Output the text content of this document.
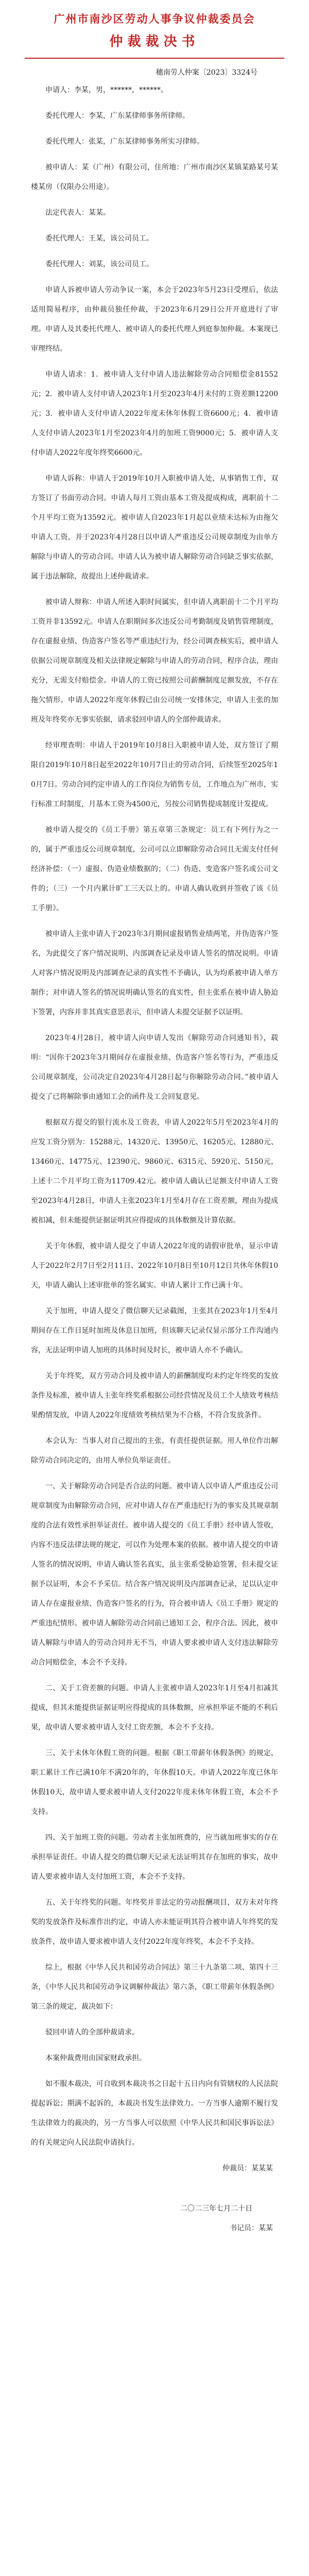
广州市南沙区劳动人事争议仲裁委员会
仲裁裁决书
穗南劳人仲案〔2023〕3324号

申请人：李某，男，******，******。

委托代理人：李某，广东某律师事务所律师。

委托代理人：张某，广东某律师事务所实习律师。

被申请人：某（广州）有限公司，住所地：广州市南沙区某镇某路某号某楼某房（仅限办公用途）。

法定代表人：某某。

委托代理人：王某，该公司员工。

委托代理人：刘某，该公司员工。

申请人诉被申请人劳动争议一案，本会于2023年5月23日受理后，依法适用简易程序，由仲裁员独任仲裁，于2023年6月29日公开开庭进行了审理。申请人及其委托代理人、被申请人的委托代理人到庭参加仲裁。本案现已审理终结。

申请人请求：1．被申请人支付申请人违法解除劳动合同赔偿金81552元；2．被申请人支付申请人2023年1月至2023年4月未付的工资差额12200元；3．被申请人支付申请人2022年度未休年休假工资6600元；4．被申请人支付申请人2023年1月至2023年4月的加班工资9000元；5．被申请人支付申请人2022年度年终奖6600元。

申请人诉称：申请人于2019年10月入职被申请人处，从事销售工作，双方签订了书面劳动合同。申请人每月工资由基本工资及提成构成，离职前十二个月平均工资为13592元。被申请人自2023年1月起以业绩未达标为由拖欠申请人工资，并于2023年4月28日以申请人严重违反公司规章制度为由单方解除与申请人的劳动合同。申请人认为被申请人解除劳动合同缺乏事实依据，属于违法解除，故提出上述仲裁请求。

被申请人辩称：申请人所述入职时间属实，但申请人离职前十二个月平均工资并非13592元。申请人在职期间多次违反公司考勤制度及销售管理制度，存在虚报业绩、伪造客户签名等严重违纪行为，经公司调查核实后，被申请人依据公司规章制度及相关法律规定解除与申请人的劳动合同，程序合法，理由充分，无需支付赔偿金。申请人的工资已按照公司薪酬制度足额发放，不存在拖欠情形。申请人2022年度年休假已由公司统一安排休完，申请人主张的加班及年终奖亦无事实依据，请求驳回申请人的全部仲裁请求。

经审理查明：申请人于2019年10月8日入职被申请人处，双方签订了期限自2019年10月8日起至2022年10月7日止的劳动合同，后续签至2025年10月7日。劳动合同约定申请人的工作岗位为销售专员，工作地点为广州市，实行标准工时制度，月基本工资为4500元，另按公司销售提成制度计发提成。

被申请人提交的《员工手册》第五章第三条规定：员工有下列行为之一的，属于严重违反公司规章制度，公司可以立即解除劳动合同且无需支付任何经济补偿：（一）虚报、伪造业绩数据的；（二）伪造、变造客户签名或公司文件的；（三）一个月内累计旷工三天以上的。申请人确认收到并签收了该《员工手册》。

被申请人主张申请人于2023年3月期间虚报销售业绩两笔，并伪造客户签名，为此提交了客户情况说明、内部调查记录及申请人签名的情况说明。申请人对客户情况说明及内部调查记录的真实性不予确认，认为均系被申请人单方制作；对申请人签名的情况说明确认签名的真实性，但主张系在被申请人胁迫下签署，内容并非其真实意思表示，但申请人未提交证据予以证明。

2023年4月28日，被申请人向申请人发出《解除劳动合同通知书》，载明：“因你于2023年3月期间存在虚报业绩、伪造客户签名等行为，严重违反公司规章制度，公司决定自2023年4月28日起与你解除劳动合同。”被申请人提交了已将解除事由通知工会的函件及工会回复意见。

根据双方提交的银行流水及工资表，申请人2022年5月至2023年4月的应发工资分别为：15288元、14320元、13950元、16205元、12880元、13460元、14775元、12390元、9860元、6315元、5920元、5150元，上述十二个月平均工资为11709.42元。被申请人确认已足额支付申请人工资至2023年4月28日，申请人主张2023年1月至4月存在工资差额，理由为提成被扣减，但未能提供证据证明其应得提成的具体数额及计算依据。

关于年休假，被申请人提交了申请人2022年度的请假审批单，显示申请人于2022年2月7日至2月11日、2022年10月8日至10月12日共休年休假10天，申请人确认上述审批单的签名属实。申请人累计工作已满十年。

关于加班，申请人提交了微信聊天记录截图，主张其在2023年1月至4月期间存在工作日延时加班及休息日加班，但该聊天记录仅显示部分工作沟通内容，无法证明申请人加班的具体时间及时长，被申请人亦不予确认。

关于年终奖，双方劳动合同及被申请人的薪酬制度均未约定年终奖的发放条件及标准，被申请人主张年终奖系根据公司经营情况及员工个人绩效考核结果酌情发放，申请人2022年度绩效考核结果为不合格，不符合发放条件。

本会认为：当事人对自己提出的主张，有责任提供证据。用人单位作出解除劳动合同决定的，由用人单位负举证责任。

一、关于解除劳动合同是否合法的问题。被申请人以申请人严重违反公司规章制度为由解除劳动合同，应对申请人存在严重违纪行为的事实及其规章制度的合法有效性承担举证责任。被申请人提交的《员工手册》经申请人签收，内容不违反法律法规的规定，可以作为处理本案的依据。被申请人提交的申请人签名的情况说明，申请人确认签名真实，虽主张系受胁迫签署，但未提交证据予以证明，本会不予采信。结合客户情况说明及内部调查记录，足以认定申请人存在虚报业绩、伪造客户签名的行为，符合被申请人《员工手册》规定的严重违纪情形。被申请人解除劳动合同前已通知工会，程序合法。因此，被申请人解除与申请人的劳动合同并无不当，申请人要求被申请人支付违法解除劳动合同赔偿金，本会不予支持。

二、关于工资差额的问题。申请人主张被申请人2023年1月至4月扣减其提成，但其未能提供证据证明应得提成的具体数额，应承担举证不能的不利后果，故申请人要求被申请人支付工资差额，本会不予支持。

三、关于未休年休假工资的问题。根据《职工带薪年休假条例》的规定，职工累计工作已满10年不满20年的，年休假10天。申请人2022年度已休年休假10天，故申请人要求被申请人支付2022年度未休年休假工资，本会不予支持。

四、关于加班工资的问题。劳动者主张加班费的，应当就加班事实的存在承担举证责任。申请人提交的微信聊天记录无法证明其存在加班的事实，故申请人要求被申请人支付加班工资，本会不予支持。

五、关于年终奖的问题。年终奖并非法定的劳动报酬项目，双方未对年终奖的发放条件及标准作出约定，申请人亦未能证明其符合被申请人年终奖的发放条件，故申请人要求被申请人支付2022年度年终奖，本会不予支持。

综上，根据《中华人民共和国劳动合同法》第三十九条第二项、第四十三条，《中华人民共和国劳动争议调解仲裁法》第六条，《职工带薪年休假条例》第三条的规定，裁决如下：

驳回申请人的全部仲裁请求。

本案仲裁费用由国家财政承担。

如不服本裁决，可自收到本裁决书之日起十五日内向有管辖权的人民法院提起诉讼；期满不起诉的，本裁决书发生法律效力。一方当事人逾期不履行发生法律效力的裁决的，另一方当事人可以依照《中华人民共和国民事诉讼法》的有关规定向人民法院申请执行。

仲裁员：某某某

二〇二三年七月二十日

书记员：某某
